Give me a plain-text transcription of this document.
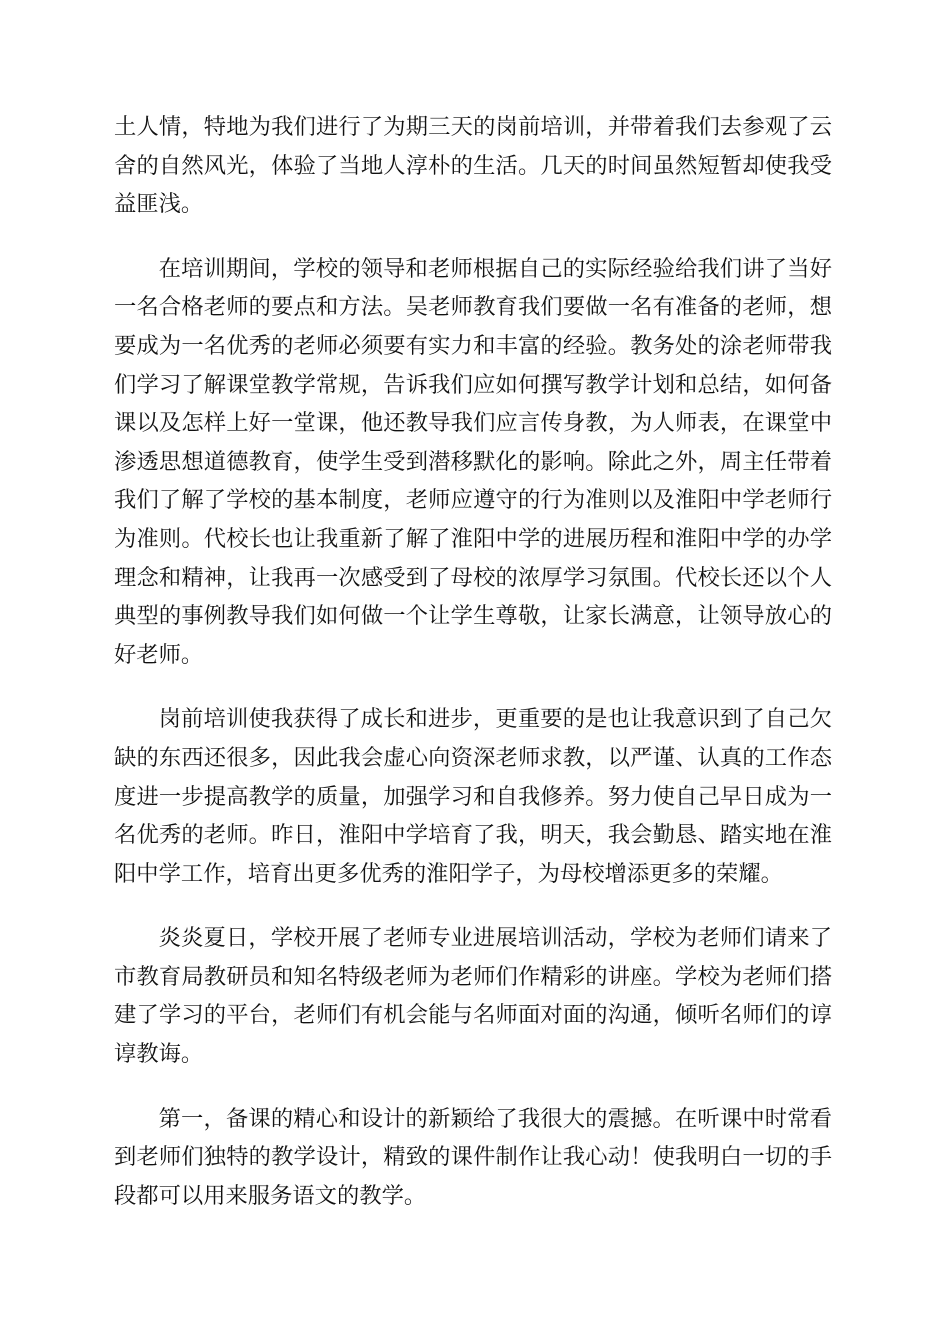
土人情，特地为我们进行了为期三天的岗前培训，并带着我们去参观了云舍的自然风光，体验了当地人淳朴的生活。几天的时间虽然短暂却使我受益匪浅。

在培训期间，学校的领导和老师根据自己的实际经验给我们讲了当好一名合格老师的要点和方法。吴老师教育我们要做一名有准备的老师，想要成为一名优秀的老师必须要有实力和丰富的经验。教务处的涂老师带我们学习了解课堂教学常规，告诉我们应如何撰写教学计划和总结，如何备课以及怎样上好一堂课，他还教导我们应言传身教，为人师表，在课堂中渗透思想道德教育，使学生受到潜移默化的影响。除此之外，周主任带着我们了解了学校的基本制度，老师应遵守的行为准则以及淮阳中学老师行为准则。代校长也让我重新了解了淮阳中学的进展历程和淮阳中学的办学理念和精神，让我再一次感受到了母校的浓厚学习氛围。代校长还以个人典型的事例教导我们如何做一个让学生尊敬，让家长满意，让领导放心的好老师。

岗前培训使我获得了成长和进步，更重要的是也让我意识到了自己欠缺的东西还很多，因此我会虚心向资深老师求教，以严谨、认真的工作态度进一步提高教学的质量，加强学习和自我修养。努力使自己早日成为一名优秀的老师。昨日，淮阳中学培育了我，明天，我会勤恳、踏实地在淮阳中学工作，培育出更多优秀的淮阳学子，为母校增添更多的荣耀。

炎炎夏日，学校开展了老师专业进展培训活动，学校为老师们请来了市教育局教研员和知名特级老师为老师们作精彩的讲座。学校为老师们搭建了学习的平台，老师们有机会能与名师面对面的沟通，倾听名师们的谆谆教诲。

第一，备课的精心和设计的新颖给了我很大的震撼。在听课中时常看到老师们独特的教学设计，精致的课件制作让我心动！使我明白一切的手段都可以用来服务语文的教学。
